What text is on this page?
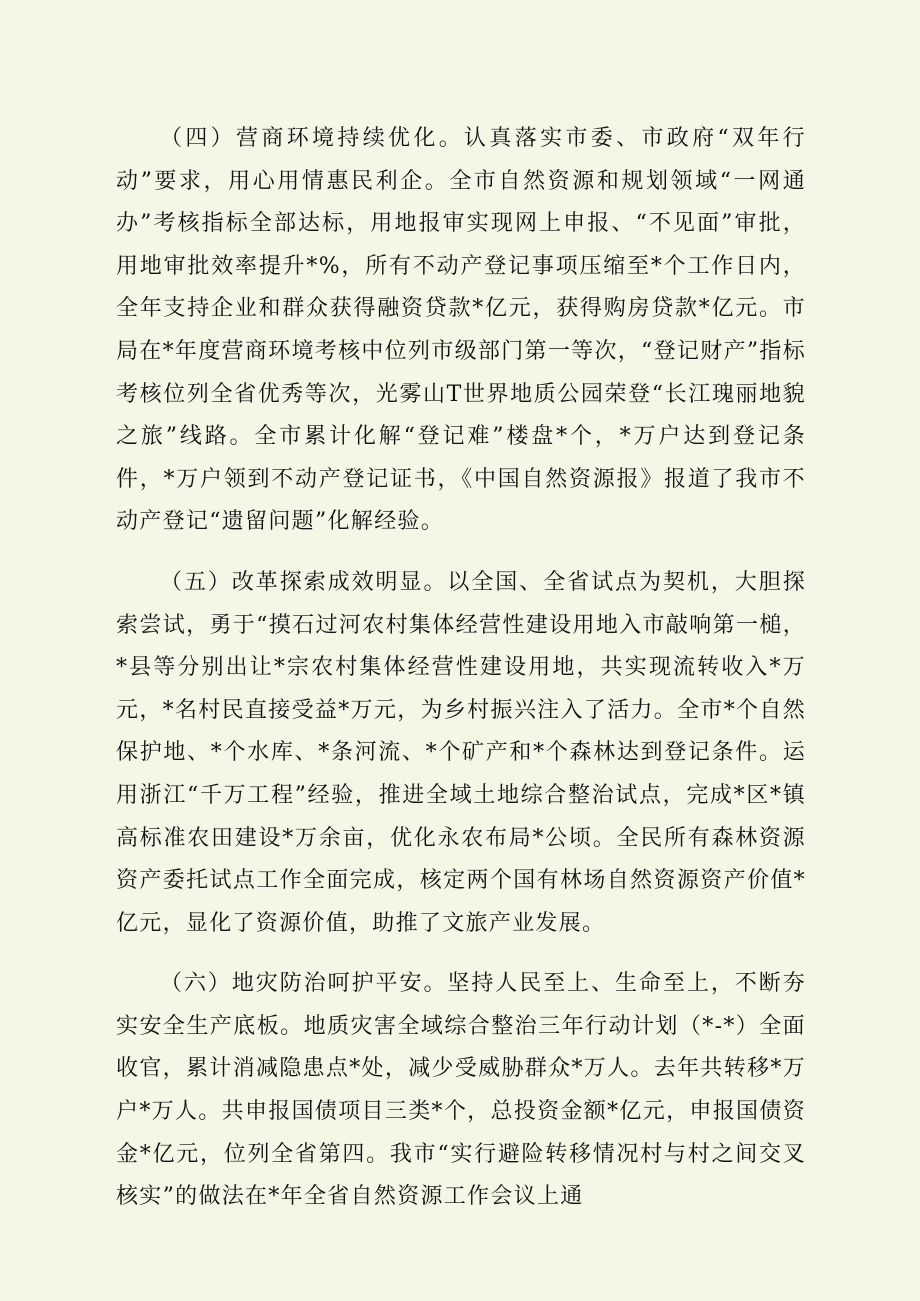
（四）营商环境持续优化。认真落实市委、市政府“双年行动”要求，用心用情惠民利企。全市自然资源和规划领域“一网通办”考核指标全部达标，用地报审实现网上申报、“不见面”审批，用地审批效率提升*%，所有不动产登记事项压缩至*个工作日内，全年支持企业和群众获得融资贷款*亿元，获得购房贷款*亿元。市局在*年度营商环境考核中位列市级部门第一等次，“登记财产”指标考核位列全省优秀等次，光雾山T世界地质公园荣登“长江瑰丽地貌之旅”线路。全市累计化解“登记难”楼盘*个，*万户达到登记条件，*万户领到不动产登记证书，《中国自然资源报》报道了我市不动产登记“遗留问题”化解经验。

（五）改革探索成效明显。以全国、全省试点为契机，大胆探索尝试，勇于“摸石过河农村集体经营性建设用地入市敲响第一槌，*县等分别出让*宗农村集体经营性建设用地，共实现流转收入*万元，*名村民直接受益*万元，为乡村振兴注入了活力。全市*个自然保护地、*个水库、*条河流、*个矿产和*个森林达到登记条件。运用浙江“千万工程”经验，推进全域土地综合整治试点，完成*区*镇高标准农田建设*万余亩，优化永农布局*公顷。全民所有森林资源资产委托试点工作全面完成，核定两个国有林场自然资源资产价值*亿元，显化了资源价值，助推了文旅产业发展。

（六）地灾防治呵护平安。坚持人民至上、生命至上，不断夯实安全生产底板。地质灾害全域综合整治三年行动计划（*-*）全面收官，累计消减隐患点*处，减少受威胁群众*万人。去年共转移*万户*万人。共申报国债项目三类*个，总投资金额*亿元，申报国债资金*亿元，位列全省第四。我市“实行避险转移情况村与村之间交叉核实”的做法在*年全省自然资源工作会议上通
